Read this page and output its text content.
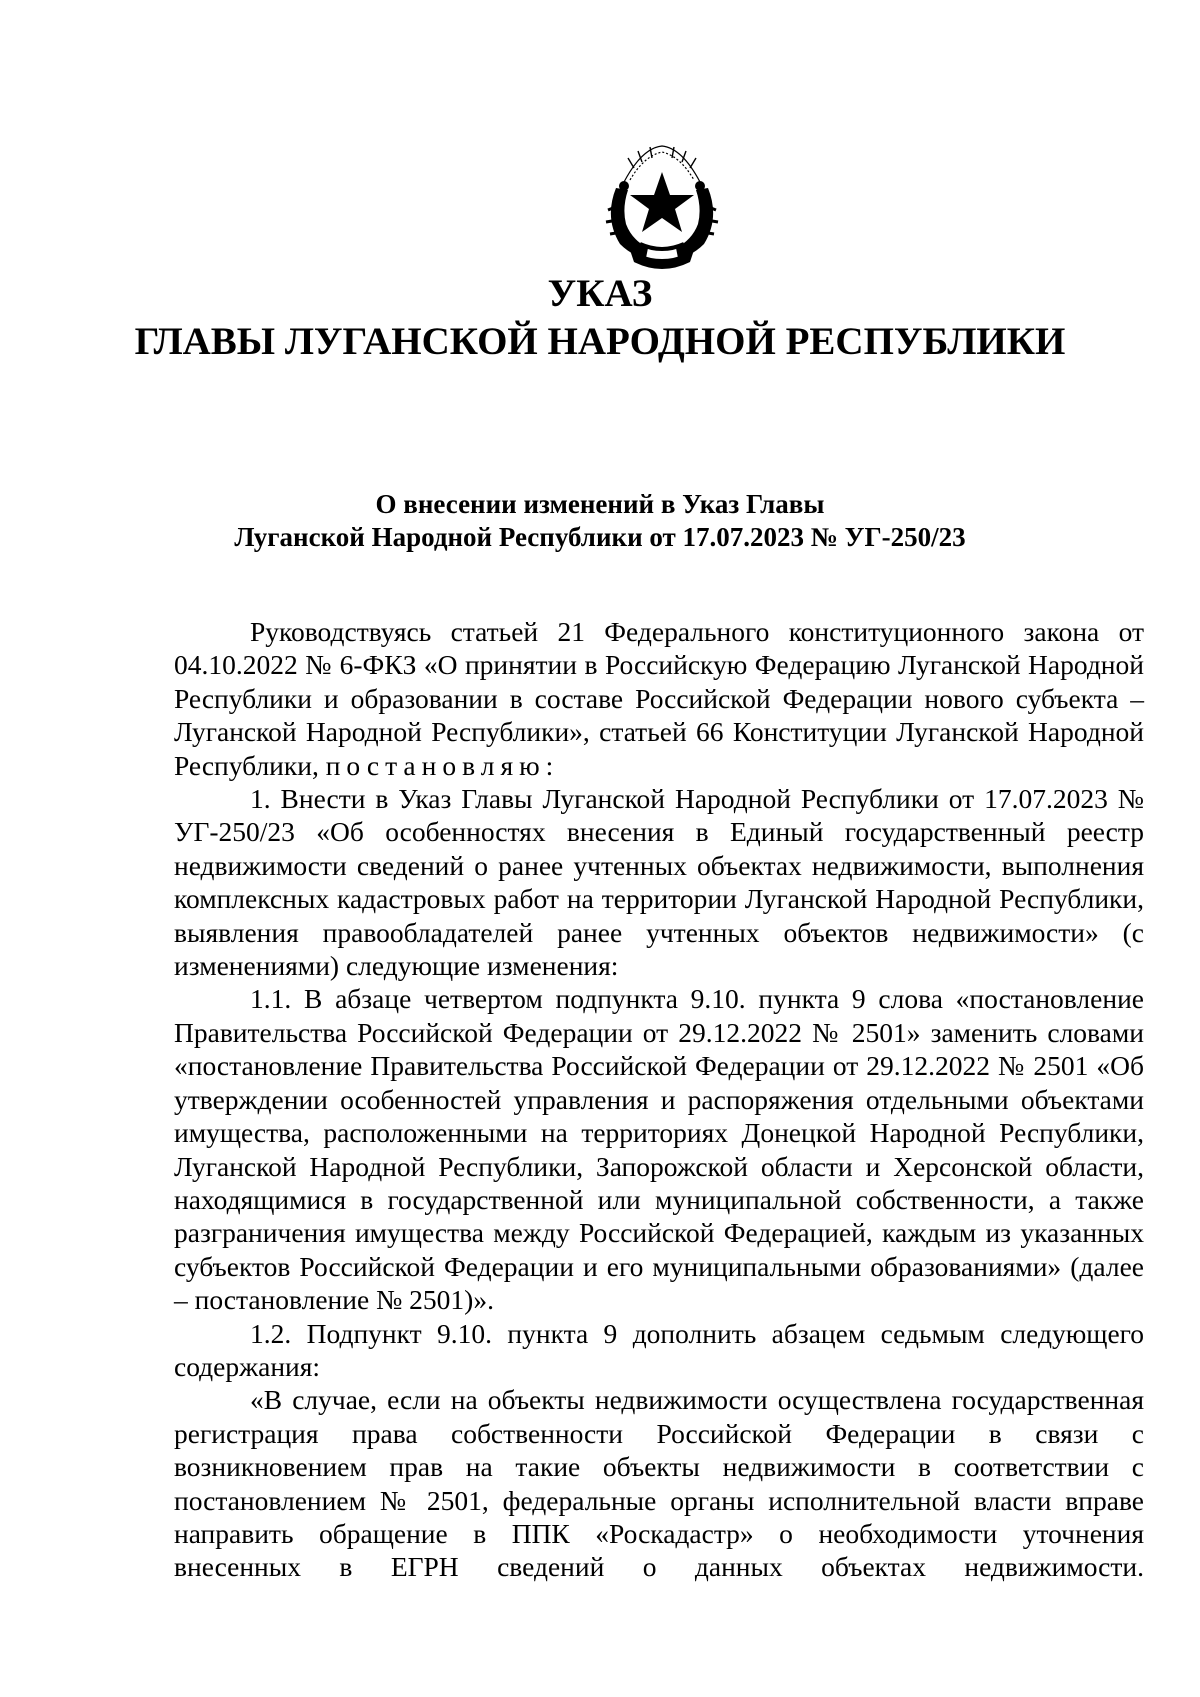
УКАЗ
ГЛАВЫ ЛУГАНСКОЙ НАРОДНОЙ РЕСПУБЛИКИ
О внесении изменений в Указ Главы
Луганской Народной Республики от 17.07.2023 № УГ-250/23

Руководствуясь статьей 21 Федерального конституционного закона от 04.10.2022 № 6-ФКЗ «О принятии в Российскую Федерацию Луганской Народной Республики и образовании в составе Российской Федерации нового субъекта – Луганской Народной Республики», статьей 66 Конституции Луганской Народной Республики, постановляю:

1. Внести в Указ Главы Луганской Народной Республики от 17.07.2023 № УГ-250/23 «Об особенностях внесения в Единый государственный реестр недвижимости сведений о ранее учтенных объектах недвижимости, выполнения комплексных кадастровых работ на территории Луганской Народной Республики, выявления правообладателей ранее учтенных объектов недвижимости» (с изменениями) следующие изменения:

1.1. В абзаце четвертом подпункта 9.10. пункта 9 слова «постановление Правительства Российской Федерации от 29.12.2022 № 2501» заменить словами «постановление Правительства Российской Федерации от 29.12.2022 № 2501 «Об утверждении особенностей управления и распоряжения отдельными объектами имущества, расположенными на территориях Донецкой Народной Республики, Луганской Народной Республики, Запорожской области и Херсонской области, находящимися в государственной или муниципальной собственности, а также разграничения имущества между Российской Федерацией, каждым из указанных субъектов Российской Федерации и его муниципальными образованиями» (далее – постановление № 2501)».

1.2. Подпункт 9.10. пункта 9 дополнить абзацем седьмым следующего содержания:

«В случае, если на объекты недвижимости осуществлена государственная регистрация права собственности Российской Федерации в связи с возникновением прав на такие объекты недвижимости в соответствии с постановлением № 2501, федеральные органы исполнительной власти вправе направить обращение в ППК «Роскадастр» о необходимости уточнения внесенных в ЕГРН сведений о данных объектах недвижимости.
